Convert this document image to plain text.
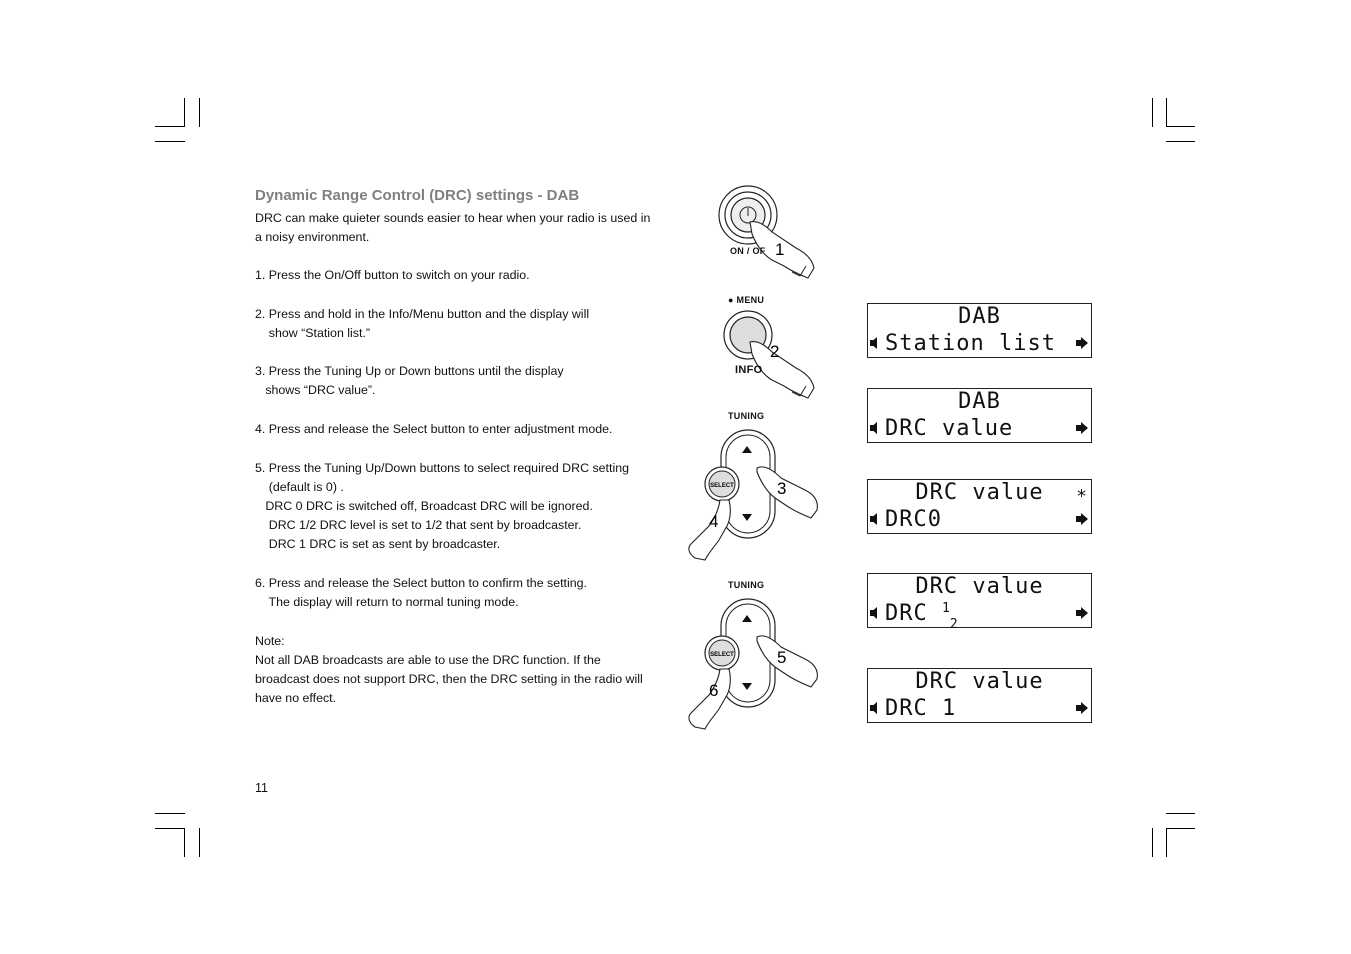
Dynamic Range Control (DRC) settings - DAB
DRC can make quieter sounds easier to hear when your radio is used in
a noisy environment.
1. Press the On/Off button to switch on your radio.
2. Press and hold in the Info/Menu button and the display will
show “Station list.”
3. Press the Tuning Up or Down buttons until the display
shows “DRC value”.
4. Press and release the Select button to enter adjustment mode.
5. Press the Tuning Up/Down buttons to select required DRC setting
(default is 0) .
DRC 0 DRC is switched off, Broadcast DRC will be ignored.
DRC 1/2 DRC level is set to 1/2 that sent by broadcaster.
DRC 1 DRC is set as sent by broadcaster.
6. Press and release the Select button to confirm the setting.
The display will return to normal tuning mode.
Note:
Not all DAB broadcasts are able to use the DRC function. If the
broadcast does not support DRC, then the DRC setting in the radio will
have no effect.
11
1
ON / OF
● MENU
2
INFO
TUNING
SELECT	3
4
TUNING
SELECT	5
6
DAB
Station list
DAB
DRC value
DRC value	*
DRC0
DRC value
DRC $^1_2$
DRC value
DRC 1
